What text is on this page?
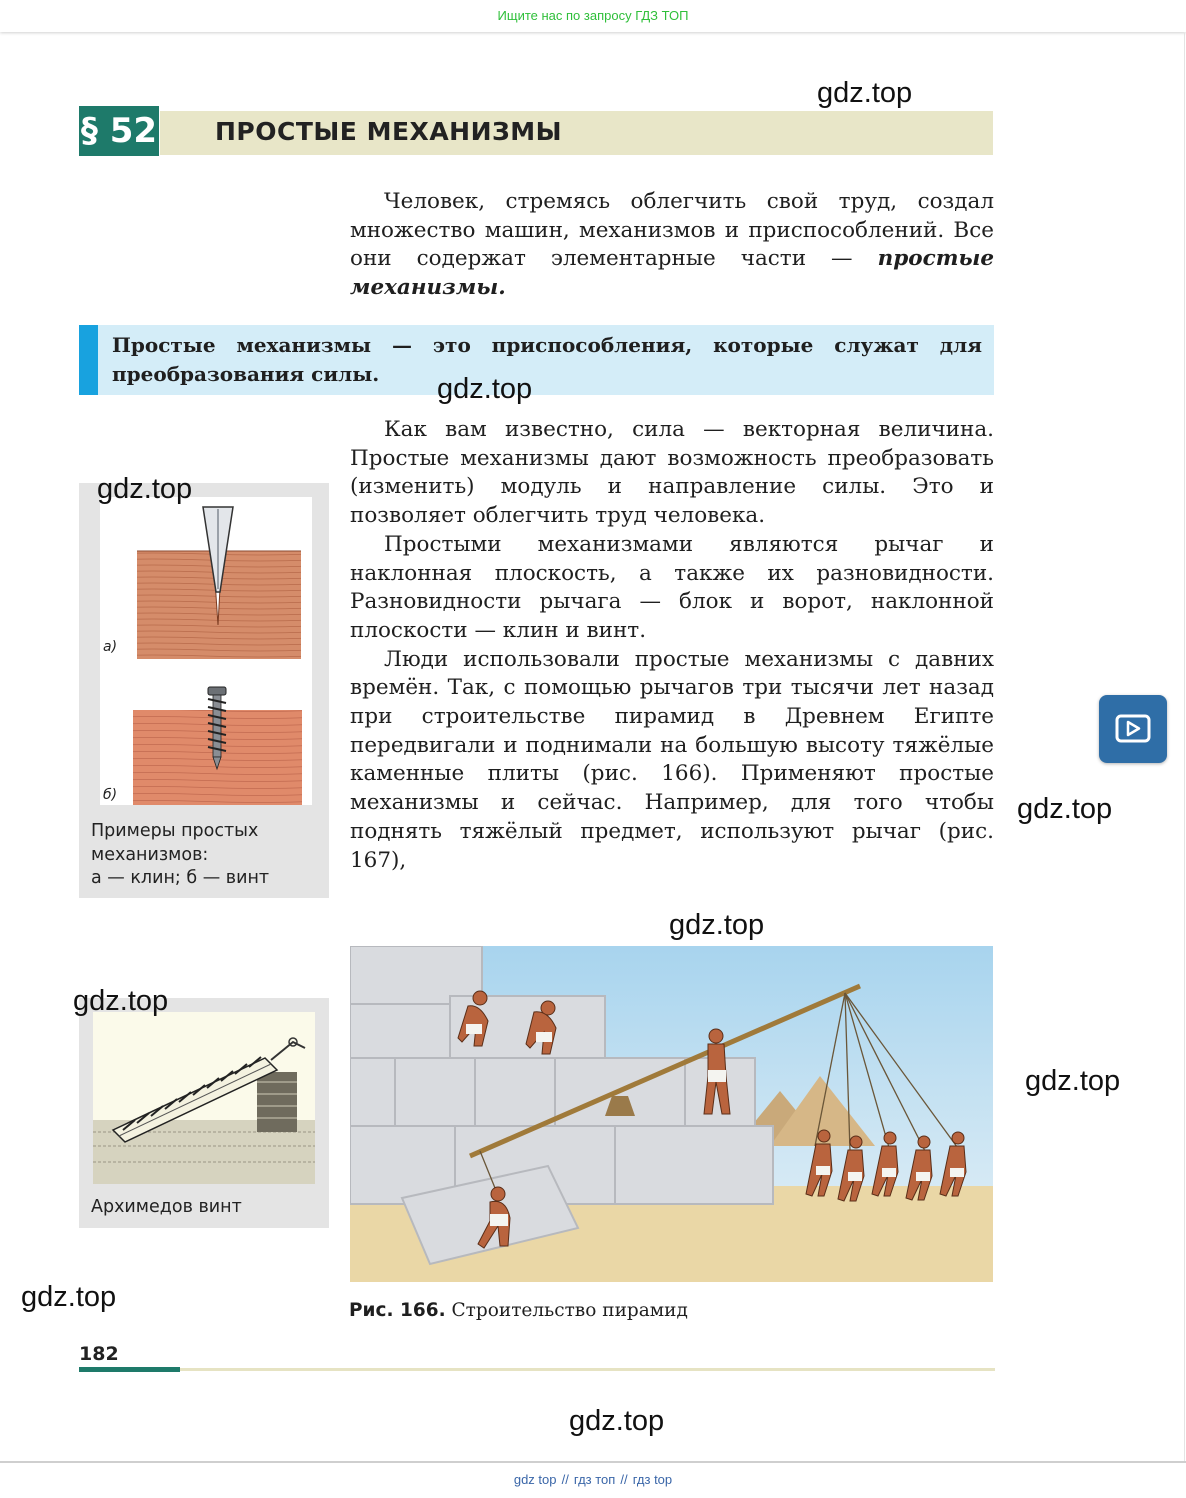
Ищите нас по запросу ГДЗ ТОП
§ 52 ПРОСТЫЕ МЕХАНИЗМЫ

Человек, стремясь облегчить свой труд, создал множество машин, механизмов и приспособлений. Все они содержат элементарные части — простые механизмы.

Простые механизмы — это приспособления, которые служат для преобразования силы.

Как вам известно, сила — векторная величина. Простые механизмы дают возможность преобразовать (изменить) модуль и направление силы. Это и позволяет облегчить труд человека.

Простыми механизмами являются рычаг и наклонная плоскость, а также их разновидности. Разновидности рычага — блок и ворот, наклонной плоскости — клин и винт.

Люди использовали простые механизмы с давних времён. Так, с помощью рычагов три тысячи лет назад при строительстве пирамид в Древнем Египте передвигали и поднимали на большую высоту тяжёлые каменные плиты (рис. 166). Применяют простые механизмы и сейчас. Например, для того чтобы поднять тяжёлый предмет, используют рычаг (рис. 167),

а)
б)
Примеры простых
механизмов:
а — клин; б — винт
Архимедов винт
Рис. 166. Строительство пирамид
182
gdz.top
gdz.top
gdz.top
gdz.top
gdz.top
gdz.top
gdz.top
gdz.top
gdz.top
gdz top // гдз топ // гдз top
